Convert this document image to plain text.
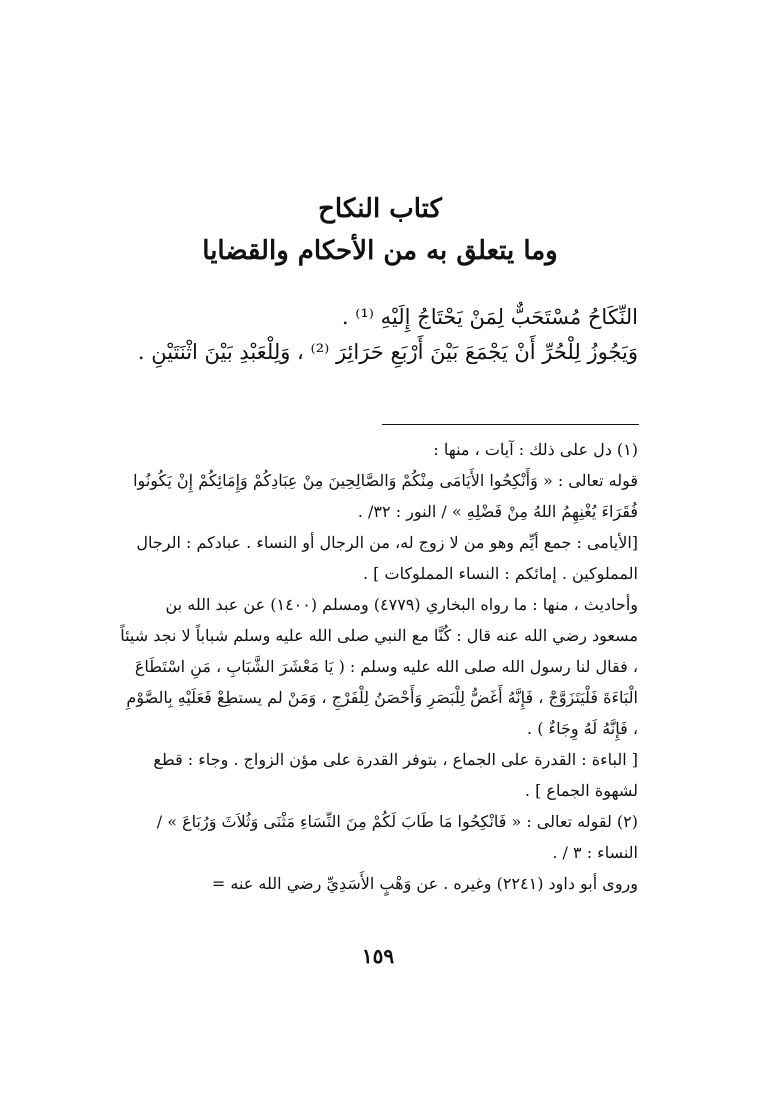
كتاب النكاح
وما يتعلق به من الأحكام والقضايا

النِّكَاحُ مُسْتَحَبٌّ لِمَنْ يَحْتَاجُ إِلَيْهِ ⁽¹⁾ .

وَيَجُوزُ لِلْحُرِّ أَنْ يَجْمَعَ بَيْنَ أَرْبَعِ حَرَائِرَ ⁽²⁾ ، وَلِلْعَبْدِ بَيْنَ اثْنَتَيْنِ .

(١) دل على ذلك : آيات ، منها :

قوله تعالى : « وَأَنْكِحُوا الأَيَامَى مِنْكُمْ وَالصَّالِحِينَ مِنْ عِبَادِكُمْ وَإِمَائِكُمْ إِنْ يَكُونُوا فُقَرَاءَ يُغْنِهِمُ اللهُ مِنْ فَضْلِهِ » / النور : ٣٢/ .

[الأيامى : جمع أيِّم وهو من لا زوج له، من الرجال أو النساء . عبادكم : الرجال المملوكين . إمائكم : النساء المملوكات ] .

وأحاديث ، منها : ما رواه البخاري (٤٧٧٩) ومسلم (١٤٠٠) عن عبد الله بن مسعود رضي الله عنه قال : كُنَّا مع النبي صلى الله عليه وسلم شباباً لا نجد شيئاً ، فقال لنا رسول الله صلى الله عليه وسلم : ( يَا مَعْشَرَ الشَّبَابِ ، مَنِ اسْتَطَاعَ الْبَاءَةَ فَلْيَتَزَوَّجْ ، فَإِنَّهُ أَغَضُّ لِلْبَصَرِ وَأَحْصَنُ لِلْفَرْجِ ، وَمَنْ لم يستطِعْ فَعَلَيْهِ بِالصَّوْمِ ، فَإِنَّهُ لَهُ وِجَاءٌ ) .

[ الباءة : القدرة على الجماع ، بتوفر القدرة على مؤن الزواج . وجاء : قطع لشهوة الجماع ] .

(٢) لقوله تعالى : « فَانْكِحُوا مَا طَابَ لَكُمْ مِنَ النِّسَاءِ مَثْنَى وَثُلاَثَ وَرُبَاعَ » / النساء : ٣ / .

وروى أبو داود (٢٢٤١) وغيره . عن وَهْبٍ الأَسَدِيِّ رضي الله عنه =

١٥٩
